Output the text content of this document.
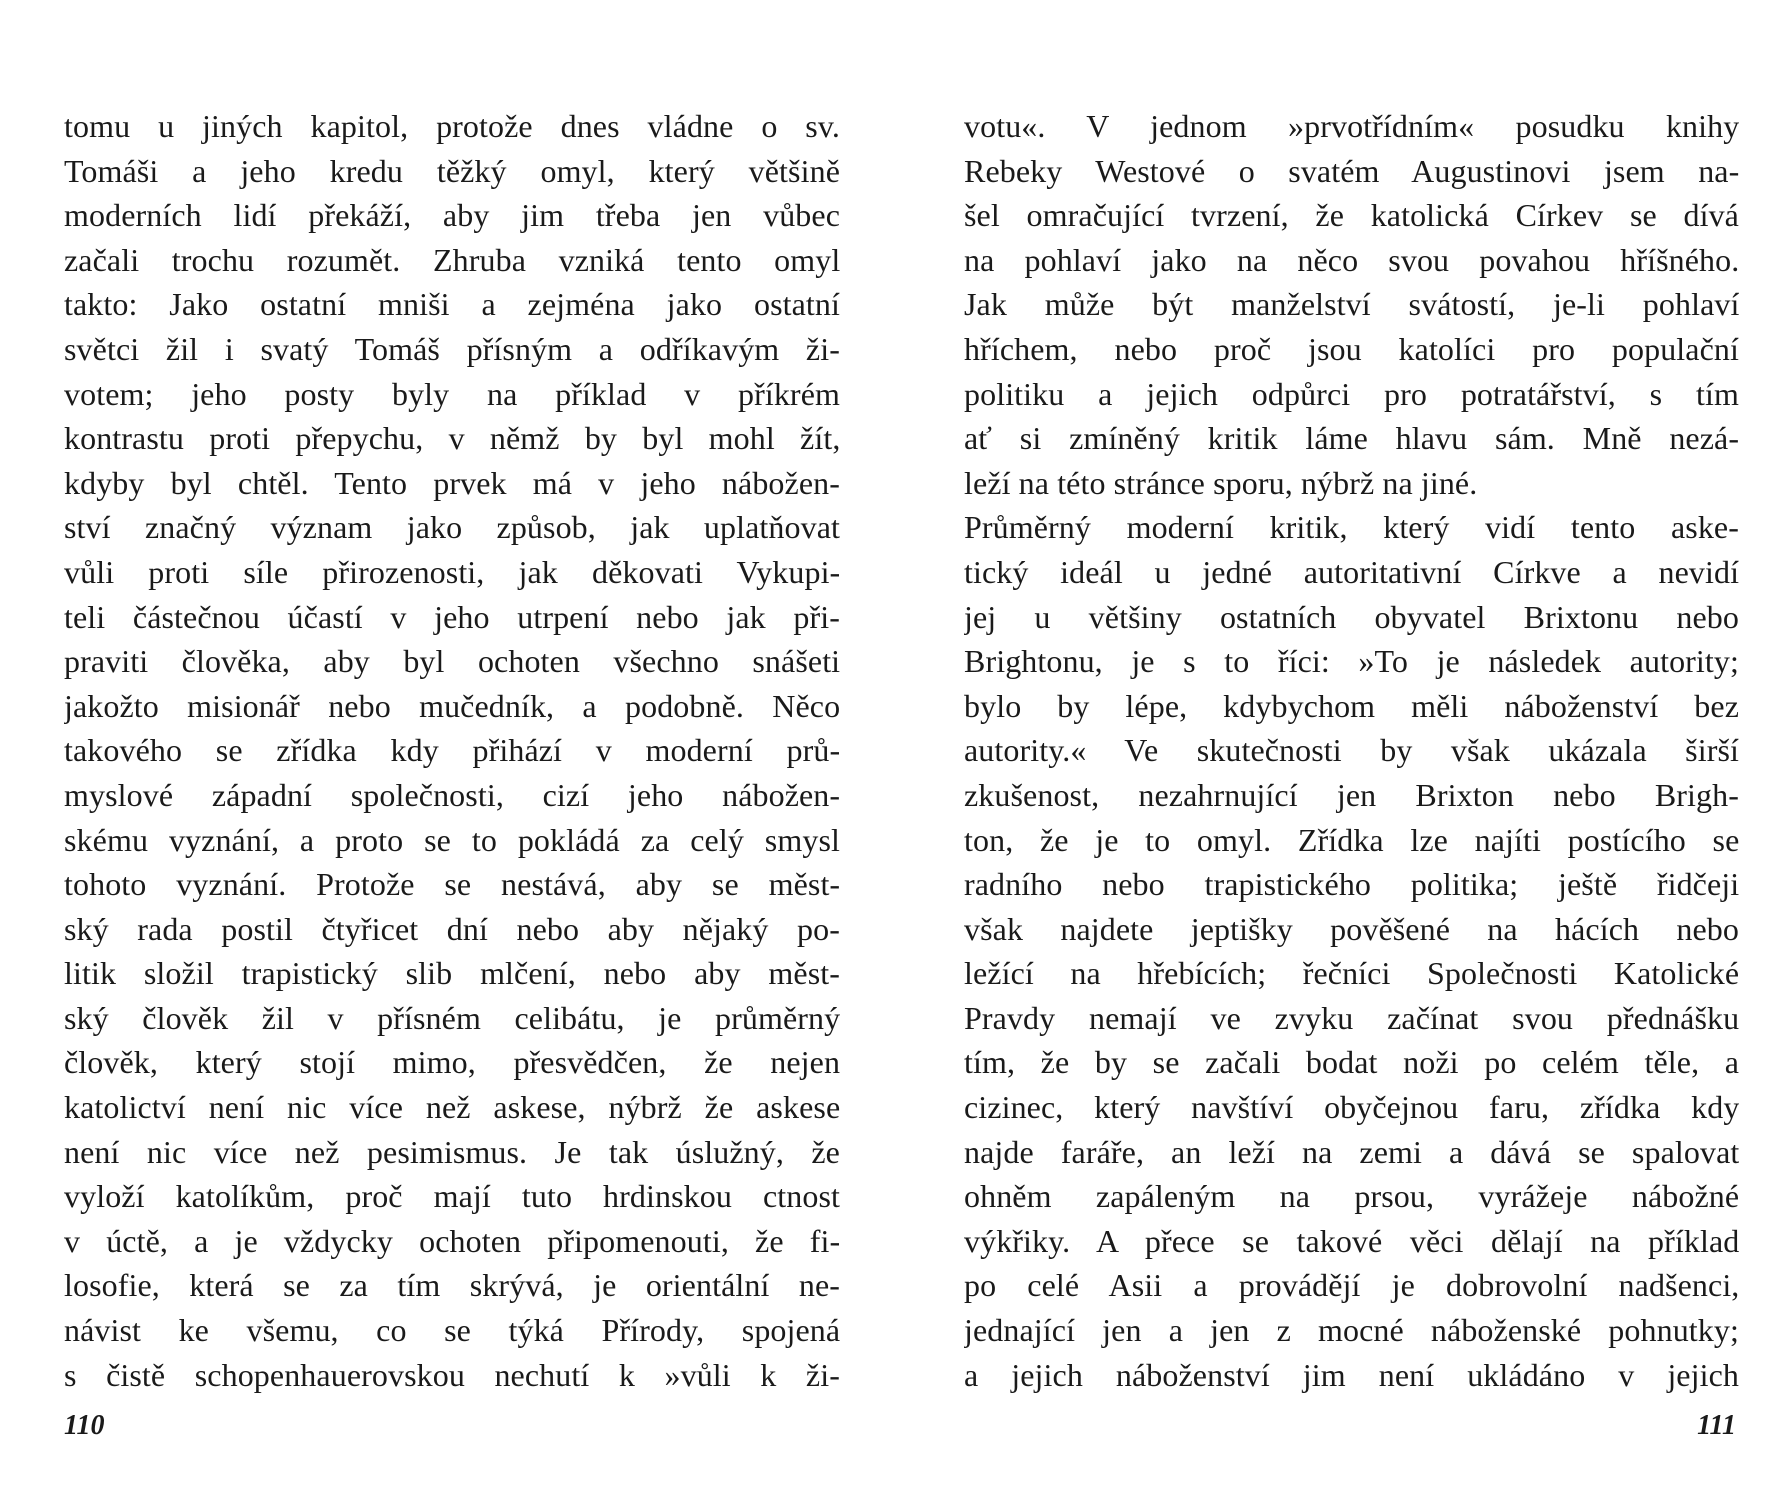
tomu u jiných kapitol, protože dnes vládne o sv.
Tomáši a jeho kredu těžký omyl, který většině
moderních lidí překáží, aby jim třeba jen vůbec
začali trochu rozumět. Zhruba vzniká tento omyl
takto: Jako ostatní mniši a zejména jako ostatní
světci žil i svatý Tomáš přísným a odříkavým ži-
votem; jeho posty byly na příklad v příkrém
kontrastu proti přepychu, v němž by byl mohl žít,
kdyby byl chtěl. Tento prvek má v jeho nábožen-
ství značný význam jako způsob, jak uplatňovat
vůli proti síle přirozenosti, jak děkovati Vykupi-
teli částečnou účastí v jeho utrpení nebo jak při-
praviti člověka, aby byl ochoten všechno snášeti
jakožto misionář nebo mučedník, a podobně. Něco
takového se zřídka kdy přihází v moderní prů-
myslové západní společnosti, cizí jeho nábožen-
skému vyznání, a proto se to pokládá za celý smysl
tohoto vyznání. Protože se nestává, aby se měst-
ský rada postil čtyřicet dní nebo aby nějaký po-
litik složil trapistický slib mlčení, nebo aby měst-
ský člověk žil v přísném celibátu, je průměrný
člověk, který stojí mimo, přesvědčen, že nejen
katolictví není nic více než askese, nýbrž že askese
není nic více než pesimismus. Je tak úslužný, že
vyloží katolíkům, proč mají tuto hrdinskou ctnost
v úctě, a je vždycky ochoten připomenouti, že fi-
losofie, která se za tím skrývá, je orientální ne-
návist ke všemu, co se týká Přírody, spojená
s čistě schopenhauerovskou nechutí k »vůli k ži-
110
votu«. V jednom »prvotřídním« posudku knihy
Rebeky Westové o svatém Augustinovi jsem na-
šel omračující tvrzení, že katolická Církev se dívá
na pohlaví jako na něco svou povahou hříšného.
Jak může být manželství svátostí, je-li pohlaví
hříchem, nebo proč jsou katolíci pro populační
politiku a jejich odpůrci pro potratářství, s tím
ať si zmíněný kritik láme hlavu sám. Mně nezá-
leží na této stránce sporu, nýbrž na jiné.
Průměrný moderní kritik, který vidí tento aske-
tický ideál u jedné autoritativní Církve a nevidí
jej u většiny ostatních obyvatel Brixtonu nebo
Brightonu, je s to říci: »To je následek autority;
bylo by lépe, kdybychom měli náboženství bez
autority.« Ve skutečnosti by však ukázala širší
zkušenost, nezahrnující jen Brixton nebo Brigh-
ton, že je to omyl. Zřídka lze najíti postícího se
radního nebo trapistického politika; ještě řidčeji
však najdete jeptišky pověšené na hácích nebo
ležící na hřebících; řečníci Společnosti Katolické
Pravdy nemají ve zvyku začínat svou přednášku
tím, že by se začali bodat noži po celém těle, a
cizinec, který navštíví obyčejnou faru, zřídka kdy
najde faráře, an leží na zemi a dává se spalovat
ohněm zapáleným na prsou, vyrážeje nábožné
výkřiky. A přece se takové věci dělají na příklad
po celé Asii a provádějí je dobrovolní nadšenci,
jednající jen a jen z mocné náboženské pohnutky;
a jejich náboženství jim není ukládáno v jejich
111
